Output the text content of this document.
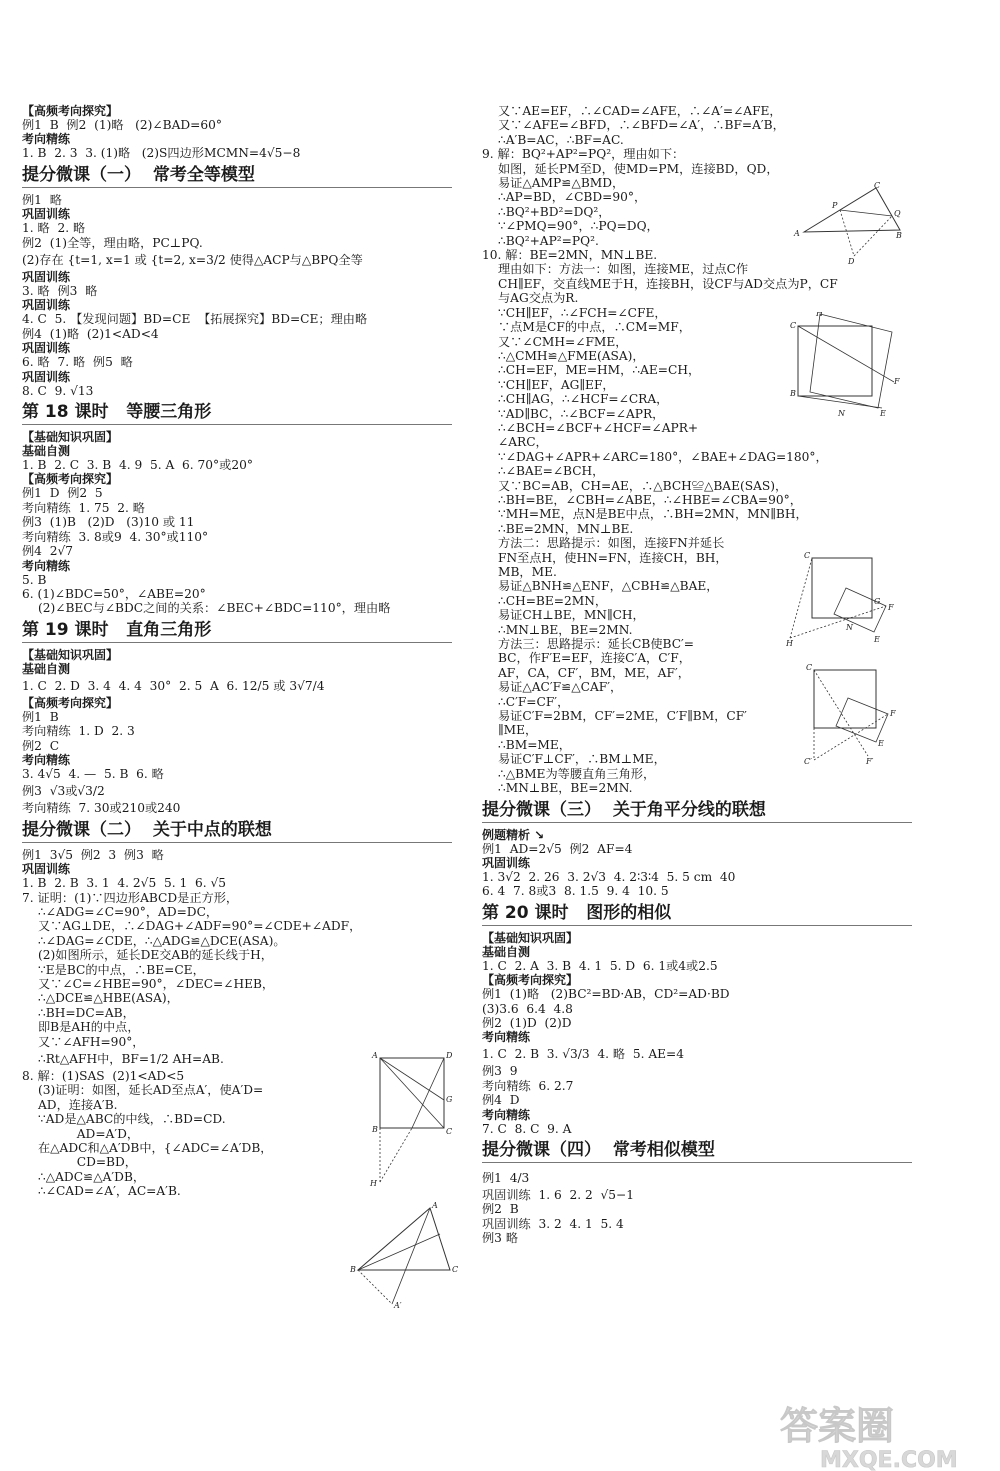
【高频考向探究】
例1  B  例2  (1)略   (2)∠BAD=60°
考向精练
1. B  2. 3  3. (1)略   (2)S四边形MCMN=4√5−8
提分微课（一）  常考全等模型
例1  略
巩固训练
1. 略  2. 略
例2  (1)全等，理由略，PC⊥PQ.
(2)存在 {t=1, x=1 或 {t=2, x=3/2 使得△ACP与△BPQ全等
巩固训练
3. 略  例3  略
巩固训练
4. C  5. 【发现问题】BD=CE  【拓展探究】BD=CE；理由略
例4  (1)略  (2)1<AD<4
巩固训练
6. 略  7. 略  例5  略
巩固训练
8. C  9. √13
第 18 课时   等腰三角形
【基础知识巩固】
基础自测
1. B  2. C  3. B  4. 9  5. A  6. 70°或20°
【高频考向探究】
例1  D  例2  5
考向精练  1. 75  2. 略
例3  (1)B   (2)D   (3)10 或 11
考向精练  3. 8或9  4. 30°或110°
例4  2√7
考向精练
5. B
6. (1)∠BDC=50°，∠ABE=20°
(2)∠BEC与∠BDC之间的关系：∠BEC+∠BDC=110°，理由略
第 19 课时   直角三角形
【基础知识巩固】
基础自测
1. C  2. D  3. 4  4. 4  30°  2. 5  A  6. 12/5 或 3√7/4
【高频考向探究】
例1  B
考向精练  1. D  2. 3
例2  C
考向精练
3. 4√5  4. —  5. B  6. 略
例3  √3或√3/2
考向精练  7. 30或210或240
提分微课（二）  关于中点的联想
例1  3√5  例2  3  例3  略
巩固训练
1. B  2. B  3. 1  4. 2√5  5. 1  6. √5
7. 证明：(1)∵四边形ABCD是正方形，
∴∠ADG=∠C=90°，AD=DC，
又∵AG⊥DE，∴∠DAG+∠ADF=90°=∠CDE+∠ADF，
∴∠DAG=∠CDE，∴△ADG≌△DCE(ASA)。
(2)如图所示，延长DE交AB的延长线于H，
∵E是BC的中点，∴BE=CE，
又∵∠C=∠HBE=90°，∠DEC=∠HEB，
∴△DCE≌△HBE(ASA)，
∴BH=DC=AB，
即B是AH的中点，
又∵∠AFH=90°，
∴Rt△AFH中，BF=1/2 AH=AB.
8. 解：(1)SAS  (2)1<AD<5
(3)证明：如图，延长AD至点A′，使A′D=
AD，连接A′B.
∵AD是△ABC的中线，∴BD=CD.
AD=A′D，
在△ADC和△A′DB中，{∠ADC=∠A′DB，
CD=BD，
∴△ADC≌△A′DB，
∴∠CAD=∠A′，AC=A′B.
又∵AE=EF，∴∠CAD=∠AFE，∴∠A′=∠AFE，
又∵∠AFE=∠BFD，∴∠BFD=∠A′，∴BF=A′B，
∴A′B=AC，∴BF=AC.
9. 解：BQ²+AP²=PQ²，理由如下：
如图，延长PM至D，使MD=PM，连接BD，QD，
易证△AMP≌△BMD，
∴AP=BD，∠CBD=90°，
∴BQ²+BD²=DQ²，
∵∠PMQ=90°，∴PQ=DQ，
∴BQ²+AP²=PQ².
10. 解：BE=2MN，MN⊥BE.
理由如下：方法一：如图，连接ME，过点C作
CH∥EF，交直线ME于H，连接BH，设CF与AD交点为P，CF
与AG交点为R.
∵CH∥EF，∴∠FCH=∠CFE，
∵点M是CF的中点，∴CM=MF，
又∵∠CMH=∠FME，
∴△CMH≌△FME(ASA)，
∴CH=EF，ME=HM，∴AE=CH，
∵CH∥EF，AG∥EF，
∴CH∥AG，∴∠HCF=∠CRA，
∵AD∥BC，∴∠BCF=∠APR，
∴∠BCH=∠BCF+∠HCF=∠APR+
∠ARC，
∵∠DAG+∠APR+∠ARC=180°，∠BAE+∠DAG=180°，
∴∠BAE=∠BCH，
又∵BC=AB，CH=AE，∴△BCH≌△BAE(SAS)，
∴BH=BE，∠CBH=∠ABE，∴∠HBE=∠CBA=90°，
∵MH=ME，点N是BE中点，∴BH=2MN，MN∥BH，
∴BE=2MN，MN⊥BE.
方法二：思路提示：如图，连接FN并延长
FN至点H，使HN=FN，连接CH，BH，
MB，ME.
易证△BNH≌△ENF，△CBH≌△BAE，
∴CH=BE=2MN，
易证CH⊥BE，MN∥CH，
∴MN⊥BE，BE=2MN.
方法三：思路提示：延长CB使BC′=
BC，作F′E=EF，连接C′A，C′F，
AF，CA，CF′，BM，ME，AF′，
易证△AC′F≌△CAF′，
∴C′F=CF′，
易证C′F=2BM，CF′=2ME，C′F∥BM，CF′
∥ME，
∴BM=ME，
易证C′F⊥CF′，∴BM⊥ME，
∴△BME为等腰直角三角形，
∴MN⊥BE，BE=2MN.
提分微课（三）  关于角平分线的联想
例题精析 ↘
例1  AD=2√5  例2  AF=4
巩固训练
1. 3√2  2. 26  3. 2√3  4. 2∶3∶4  5. 5 cm  40
6. 4  7. 8或3  8. 1.5  9. 4  10. 5
第 20 课时   图形的相似
【基础知识巩固】
基础自测
1. C  2. A  3. B  4. 1  5. D  6. 1或4或2.5
【高频考向探究】
例1  (1)略   (2)BC²=BD·AB，CD²=AD·BD
(3)3.6  6.4  4.8
例2  (1)D  (2)D
考向精练
1. C  2. B  3. √3/3  4. 略  5. AE=4
例3  9
考向精练  6. 2.7
例4  D
考向精练
7. C  8. C  9. A
提分微课（四）  常考相似模型
例1  4/3
巩固训练  1. 6  2. 2  √5−1
例2  B
巩固训练  3. 2  4. 1  5. 4
例3 略
A	D
B	C
G
H
A
B	C
A′
A
C
B
P
Q
D
C
H
F
B
E
N
C
G
F
H
N
E
C
F
C′	F′
E
答案圈
MXQE.COM
